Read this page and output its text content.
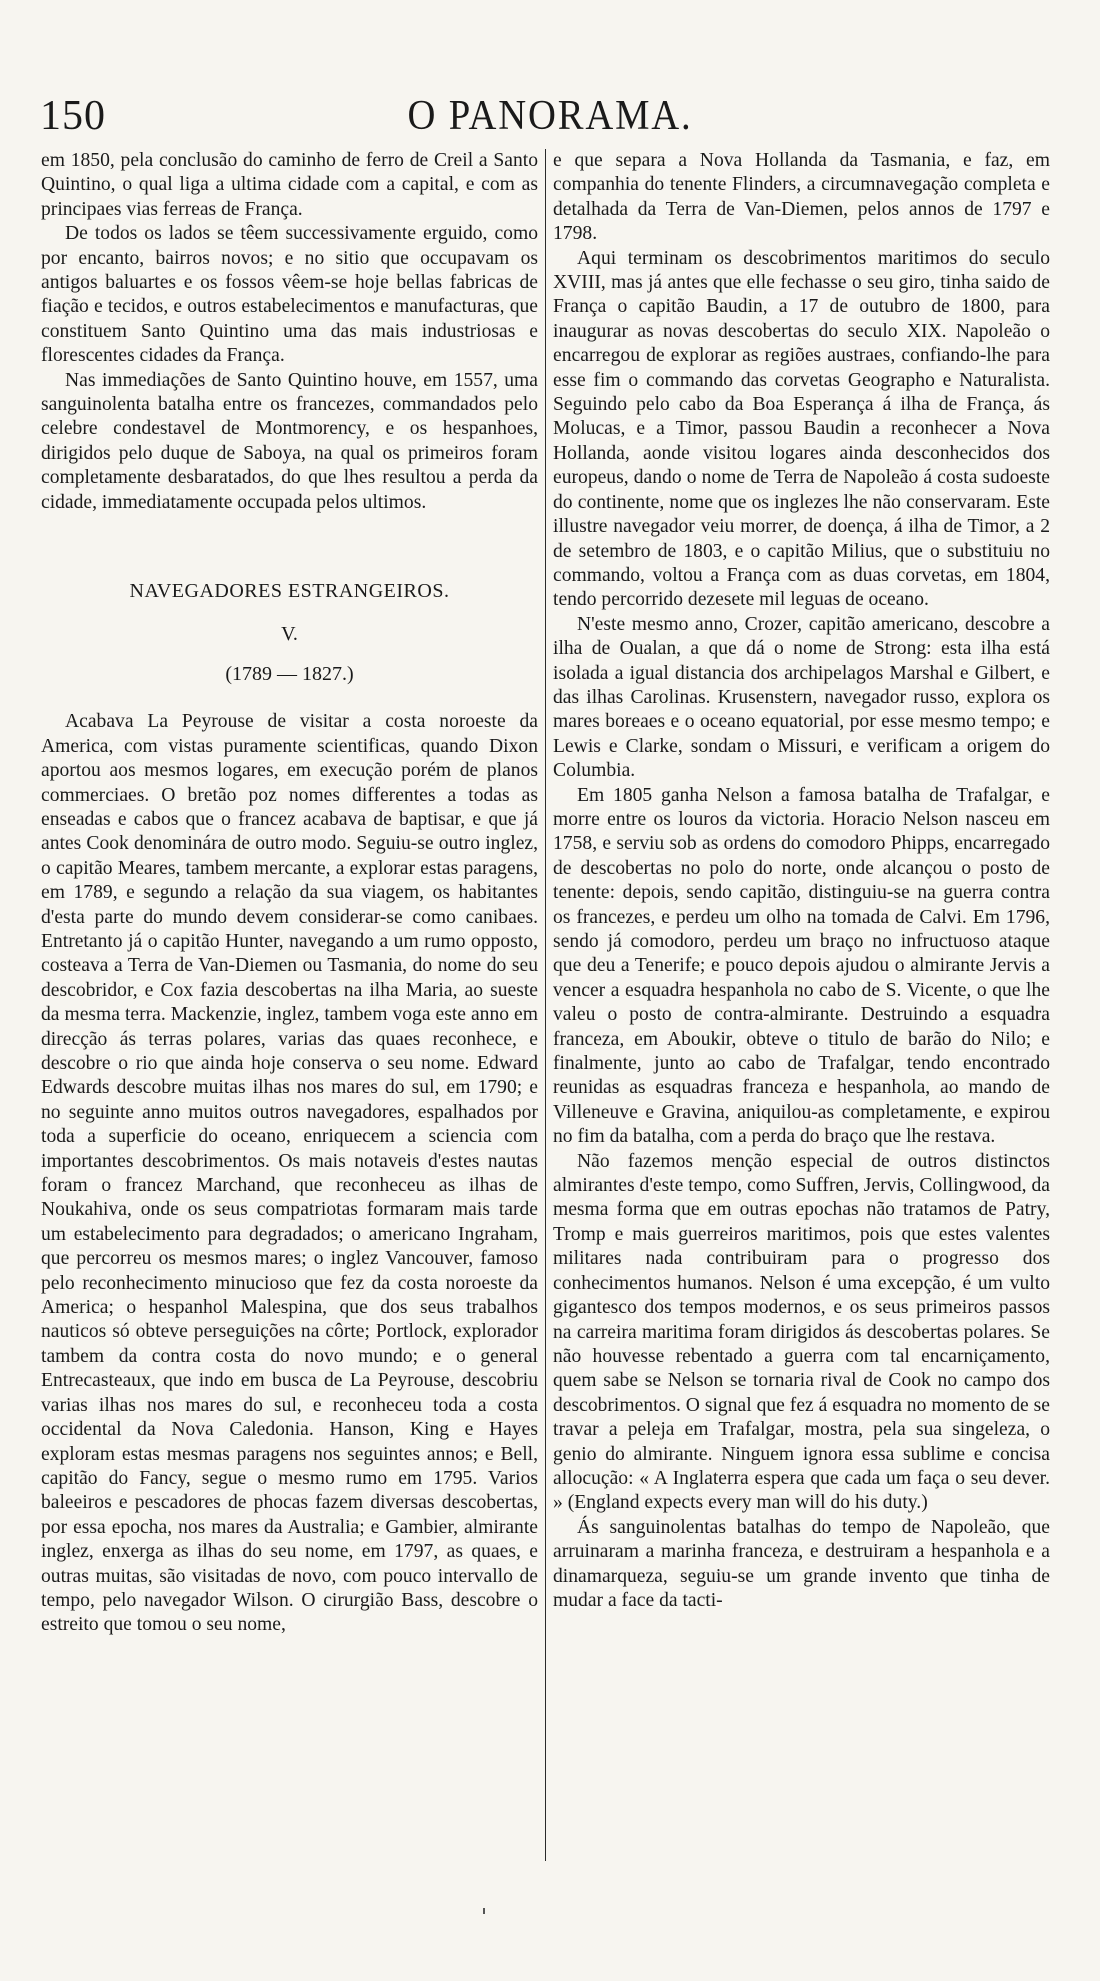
150	O PANORAMA.

em 1850, pela conclusão do caminho de ferro de Creil a Santo Quintino, o qual liga a ultima cidade com a capital, e com as principaes vias ferreas de França.

De todos os lados se têem successivamente erguido, como por encanto, bairros novos; e no sitio que occupavam os antigos baluartes e os fossos vêem-se hoje bellas fabricas de fiação e tecidos, e outros estabelecimentos e manufacturas, que constituem Santo Quintino uma das mais industriosas e florescentes cidades da França.

Nas immediações de Santo Quintino houve, em 1557, uma sanguinolenta batalha entre os francezes, commandados pelo celebre condestavel de Montmorency, e os hespanhoes, dirigidos pelo duque de Saboya, na qual os primeiros foram completamente desbaratados, do que lhes resultou a perda da cidade, immediatamente occupada pelos ultimos.

NAVEGADORES ESTRANGEIROS.
V.
(1789 — 1827.)

Acabava La Peyrouse de visitar a costa noroeste da America, com vistas puramente scientificas, quando Dixon aportou aos mesmos logares, em execução porém de planos commerciaes. O bretão poz nomes differentes a todas as enseadas e cabos que o francez acabava de baptisar, e que já antes Cook denominára de outro modo. Seguiu-se outro inglez, o capitão Meares, tambem mercante, a explorar estas paragens, em 1789, e segundo a relação da sua viagem, os habitantes d'esta parte do mundo devem considerar-se como canibaes. Entretanto já o capitão Hunter, navegando a um rumo opposto, costeava a Terra de Van-Diemen ou Tasmania, do nome do seu descobridor, e Cox fazia descobertas na ilha Maria, ao sueste da mesma terra. Mackenzie, inglez, tambem voga este anno em direcção ás terras polares, varias das quaes reconhece, e descobre o rio que ainda hoje conserva o seu nome. Edward Edwards descobre muitas ilhas nos mares do sul, em 1790; e no seguinte anno muitos outros navegadores, espalhados por toda a superficie do oceano, enriquecem a sciencia com importantes descobrimentos. Os mais notaveis d'estes nautas foram o francez Marchand, que reconheceu as ilhas de Noukahiva, onde os seus compatriotas formaram mais tarde um estabelecimento para degradados; o americano Ingraham, que percorreu os mesmos mares; o inglez Vancouver, famoso pelo reconhecimento minucioso que fez da costa noroeste da America; o hespanhol Malespina, que dos seus trabalhos nauticos só obteve perseguições na côrte; Portlock, explorador tambem da contra costa do novo mundo; e o general Entrecasteaux, que indo em busca de La Peyrouse, descobriu varias ilhas nos mares do sul, e reconheceu toda a costa occidental da Nova Caledonia. Hanson, King e Hayes exploram estas mesmas paragens nos seguintes annos; e Bell, capitão do Fancy, segue o mesmo rumo em 1795. Varios baleeiros e pescadores de phocas fazem diversas descobertas, por essa epocha, nos mares da Australia; e Gambier, almirante inglez, enxerga as ilhas do seu nome, em 1797, as quaes, e outras muitas, são visitadas de novo, com pouco intervallo de tempo, pelo navegador Wilson. O cirurgião Bass, descobre o estreito que tomou o seu nome,

e que separa a Nova Hollanda da Tasmania, e faz, em companhia do tenente Flinders, a circumnavegação completa e detalhada da Terra de Van-Diemen, pelos annos de 1797 e 1798.

Aqui terminam os descobrimentos maritimos do seculo XVIII, mas já antes que elle fechasse o seu giro, tinha saido de França o capitão Baudin, a 17 de outubro de 1800, para inaugurar as novas descobertas do seculo XIX. Napoleão o encarregou de explorar as regiões austraes, confiando-lhe para esse fim o commando das corvetas Geographo e Naturalista. Seguindo pelo cabo da Boa Esperança á ilha de França, ás Molucas, e a Timor, passou Baudin a reconhecer a Nova Hollanda, aonde visitou logares ainda desconhecidos dos europeus, dando o nome de Terra de Napoleão á costa sudoeste do continente, nome que os inglezes lhe não conservaram. Este illustre navegador veiu morrer, de doença, á ilha de Timor, a 2 de setembro de 1803, e o capitão Milius, que o substituiu no commando, voltou a França com as duas corvetas, em 1804, tendo percorrido dezesete mil leguas de oceano.

N'este mesmo anno, Crozer, capitão americano, descobre a ilha de Oualan, a que dá o nome de Strong: esta ilha está isolada a igual distancia dos archipelagos Marshal e Gilbert, e das ilhas Carolinas. Krusenstern, navegador russo, explora os mares boreaes e o oceano equatorial, por esse mesmo tempo; e Lewis e Clarke, sondam o Missuri, e verificam a origem do Columbia.

Em 1805 ganha Nelson a famosa batalha de Trafalgar, e morre entre os louros da victoria. Horacio Nelson nasceu em 1758, e serviu sob as ordens do comodoro Phipps, encarregado de descobertas no polo do norte, onde alcançou o posto de tenente: depois, sendo capitão, distinguiu-se na guerra contra os francezes, e perdeu um olho na tomada de Calvi. Em 1796, sendo já comodoro, perdeu um braço no infructuoso ataque que deu a Tenerife; e pouco depois ajudou o almirante Jervis a vencer a esquadra hespanhola no cabo de S. Vicente, o que lhe valeu o posto de contra-almirante. Destruindo a esquadra franceza, em Aboukir, obteve o titulo de barão do Nilo; e finalmente, junto ao cabo de Trafalgar, tendo encontrado reunidas as esquadras franceza e hespanhola, ao mando de Villeneuve e Gravina, aniquilou-as completamente, e expirou no fim da batalha, com a perda do braço que lhe restava.

Não fazemos menção especial de outros distinctos almirantes d'este tempo, como Suffren, Jervis, Collingwood, da mesma forma que em outras epochas não tratamos de Patry, Tromp e mais guerreiros maritimos, pois que estes valentes militares nada contribuiram para o progresso dos conhecimentos humanos. Nelson é uma excepção, é um vulto gigantesco dos tempos modernos, e os seus primeiros passos na carreira maritima foram dirigidos ás descobertas polares. Se não houvesse rebentado a guerra com tal encarniçamento, quem sabe se Nelson se tornaria rival de Cook no campo dos descobrimentos. O signal que fez á esquadra no momento de se travar a peleja em Trafalgar, mostra, pela sua singeleza, o genio do almirante. Ninguem ignora essa sublime e concisa allocução: « A Inglaterra espera que cada um faça o seu dever. » (England expects every man will do his duty.)

Ás sanguinolentas batalhas do tempo de Napoleão, que arruinaram a marinha franceza, e destruiram a hespanhola e a dinamarqueza, seguiu-se um grande invento que tinha de mudar a face da tacti-
